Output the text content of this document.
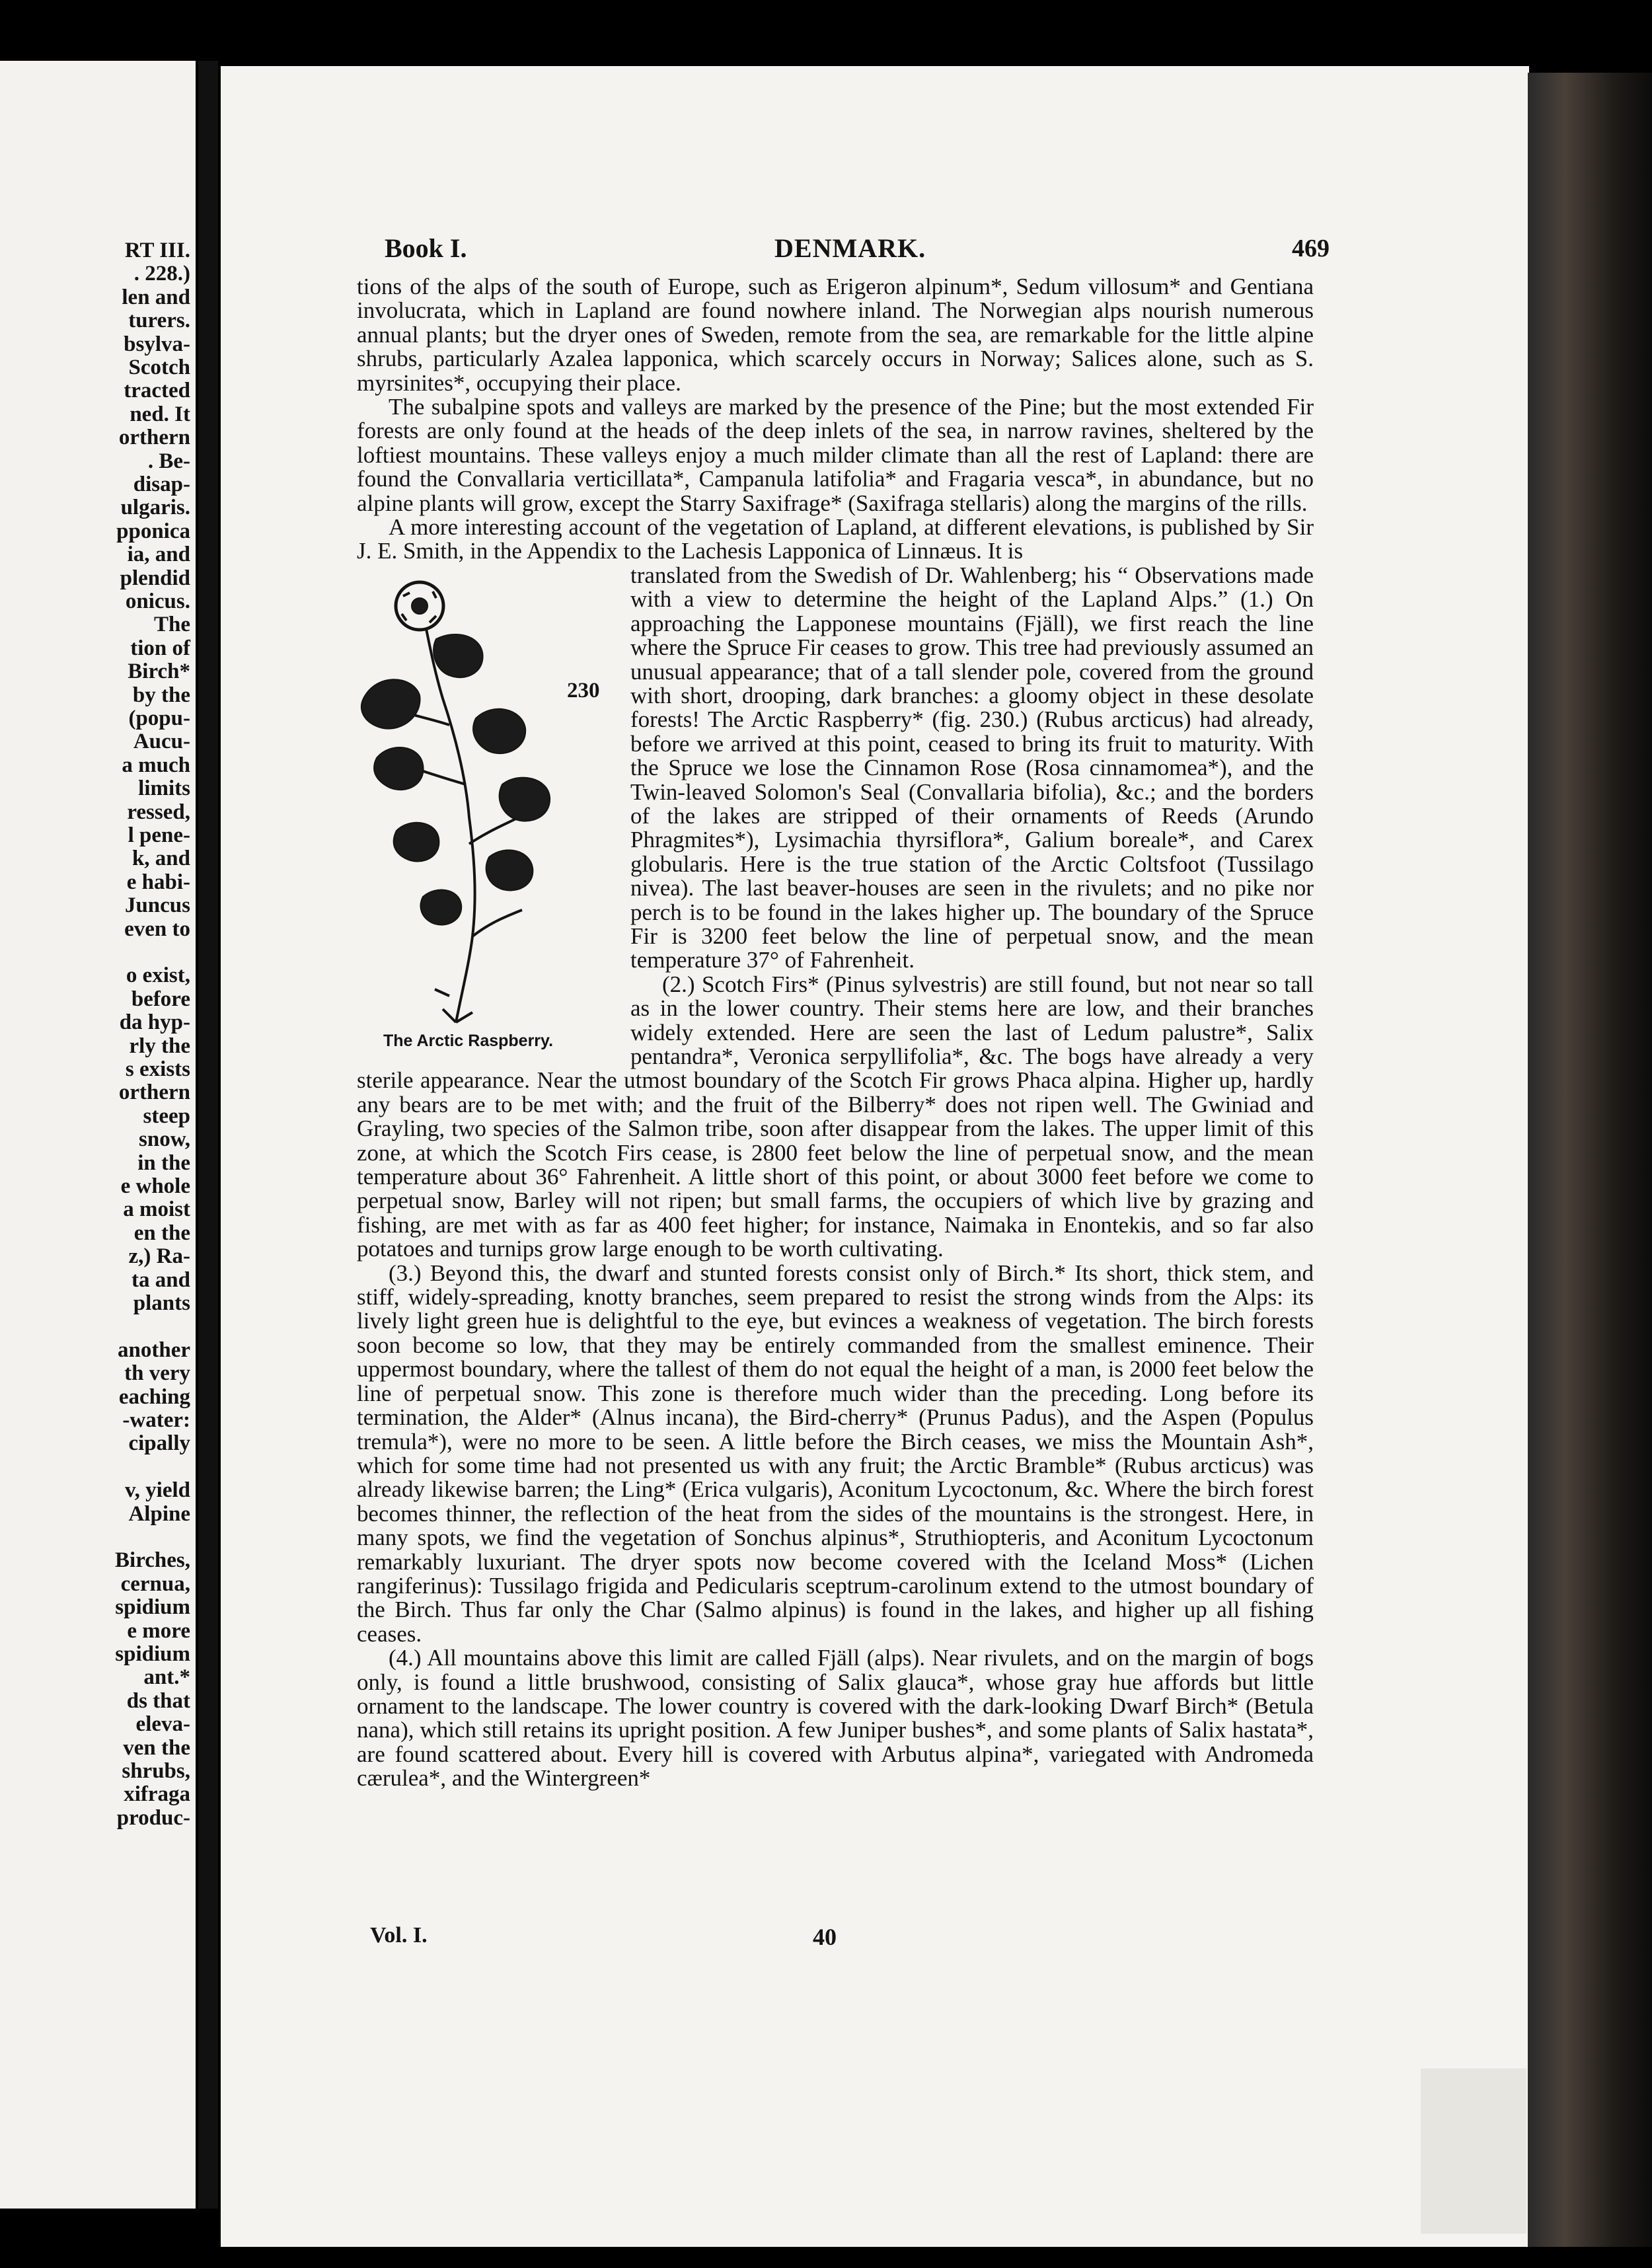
RT III.
. 228.)
len and
turers.
bsylva-
Scotch
tracted
ned. It
orthern
. Be-
disap-
ulgaris.
pponica
ia, and
plendid
onicus.
The
tion of
Birch*
by the
(popu-
Aucu-
a much
limits
ressed,
l pene-
k, and
e habi-
Juncus
even to
o exist,
before
da hyp-
rly the
s exists
orthern
steep
snow,
in the
e whole
a moist
en the
z,) Ra-
ta and
plants
another
th very
eaching
-water:
cipally
v, yield
Alpine
Birches,
cernua,
spidium
e more
spidium
ant.*
ds that
eleva-
ven the
shrubs,
xifraga
produc-
Book I.	DENMARK.	469

tions of the alps of the south of Europe, such as Erigeron alpinum*, Sedum villosum* and Gentiana involucrata, which in Lapland are found nowhere inland. The Norwegian alps nourish numerous annual plants; but the dryer ones of Sweden, remote from the sea, are remarkable for the little alpine shrubs, particularly Azalea lapponica, which scarcely occurs in Norway; Salices alone, such as S. myrsinites*, occupying their place.

The subalpine spots and valleys are marked by the presence of the Pine; but the most extended Fir forests are only found at the heads of the deep inlets of the sea, in narrow ravines, sheltered by the loftiest mountains. These valleys enjoy a much milder climate than all the rest of Lapland: there are found the Convallaria verticillata*, Campanula latifolia* and Fragaria vesca*, in abundance, but no alpine plants will grow, except the Starry Saxifrage* (Saxifraga stellaris) along the margins of the rills.

A more interesting account of the vegetation of Lapland, at different elevations, is published by Sir J. E. Smith, in the Appendix to the Lachesis Lapponica of Linnæus. It is

230
The Arctic Raspberry.

translated from the Swedish of Dr. Wahlenberg; his “ Observations made with a view to determine the height of the Lapland Alps.” (1.) On approaching the Lapponese mountains (Fjäll), we first reach the line where the Spruce Fir ceases to grow. This tree had previously assumed an unusual appearance; that of a tall slender pole, covered from the ground with short, drooping, dark branches: a gloomy object in these desolate forests! The Arctic Raspberry* (fig. 230.) (Rubus arcticus) had already, before we arrived at this point, ceased to bring its fruit to maturity. With the Spruce we lose the Cinnamon Rose (Rosa cinnamomea*), and the Twin-leaved Solomon's Seal (Convallaria bifolia), &c.; and the borders of the lakes are stripped of their ornaments of Reeds (Arundo Phragmites*), Lysimachia thyrsiflora*, Galium boreale*, and Carex globularis. Here is the true station of the Arctic Coltsfoot (Tussilago nivea). The last beaver-houses are seen in the rivulets; and no pike nor perch is to be found in the lakes higher up. The boundary of the Spruce Fir is 3200 feet below the line of perpetual snow, and the mean temperature 37° of Fahrenheit.

(2.) Scotch Firs* (Pinus sylvestris) are still found, but not near so tall as in the lower country. Their stems here are low, and their branches widely extended. Here are seen the last of Ledum palustre*, Salix pentandra*, Veronica serpyllifolia*, &c. The bogs have already a very sterile appearance. Near the utmost boundary of the Scotch Fir grows Phaca alpina. Higher up, hardly any bears are to be met with; and the fruit of the Bilberry* does not ripen well. The Gwiniad and Grayling, two species of the Salmon tribe, soon after disappear from the lakes. The upper limit of this zone, at which the Scotch Firs cease, is 2800 feet below the line of perpetual snow, and the mean temperature about 36° Fahrenheit. A little short of this point, or about 3000 feet before we come to perpetual snow, Barley will not ripen; but small farms, the occupiers of which live by grazing and fishing, are met with as far as 400 feet higher; for instance, Naimaka in Enontekis, and so far also potatoes and turnips grow large enough to be worth cultivating.

(3.) Beyond this, the dwarf and stunted forests consist only of Birch.* Its short, thick stem, and stiff, widely-spreading, knotty branches, seem prepared to resist the strong winds from the Alps: its lively light green hue is delightful to the eye, but evinces a weakness of vegetation. The birch forests soon become so low, that they may be entirely commanded from the smallest eminence. Their uppermost boundary, where the tallest of them do not equal the height of a man, is 2000 feet below the line of perpetual snow. This zone is therefore much wider than the preceding. Long before its termination, the Alder* (Alnus incana), the Bird-cherry* (Prunus Padus), and the Aspen (Populus tremula*), were no more to be seen. A little before the Birch ceases, we miss the Mountain Ash*, which for some time had not presented us with any fruit; the Arctic Bramble* (Rubus arcticus) was already likewise barren; the Ling* (Erica vulgaris), Aconitum Lycoctonum, &c. Where the birch forest becomes thinner, the reflection of the heat from the sides of the mountains is the strongest. Here, in many spots, we find the vegetation of Sonchus alpinus*, Struthiopteris, and Aconitum Lycoctonum remarkably luxuriant. The dryer spots now become covered with the Iceland Moss* (Lichen rangiferinus): Tussilago frigida and Pedicularis sceptrum-carolinum extend to the utmost boundary of the Birch. Thus far only the Char (Salmo alpinus) is found in the lakes, and higher up all fishing ceases.

(4.) All mountains above this limit are called Fjäll (alps). Near rivulets, and on the margin of bogs only, is found a little brushwood, consisting of Salix glauca*, whose gray hue affords but little ornament to the landscape. The lower country is covered with the dark-looking Dwarf Birch* (Betula nana), which still retains its upright position. A few Juniper bushes*, and some plants of Salix hastata*, are found scattered about. Every hill is covered with Arbutus alpina*, variegated with Andromeda cærulea*, and the Wintergreen*

Vol. I.	40
